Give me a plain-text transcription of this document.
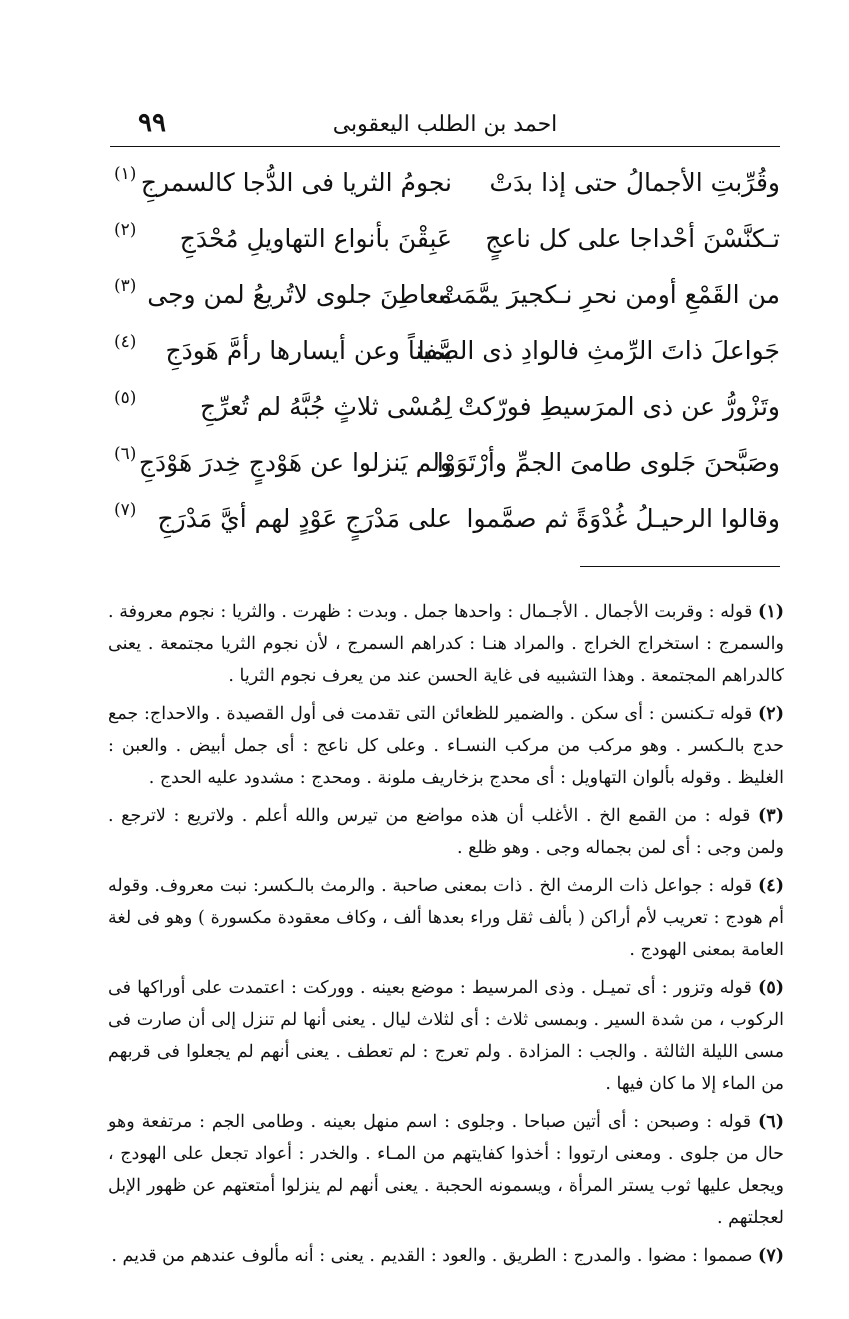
احمد بن الطلب اليعقوبى
٩٩
وقُرِّبتِ الأجمالُ حتى إذا بدَتْ
نجومُ الثريا فى الدُّجا كالسمرجِ
(١)
تـكنَّسْنَ أحْداجا على كل ناعجٍ
عَبِقْنَ بأنواع التهاويلِ مُحْدَجِ
(٢)
من القَمْعِ أومن نحرِ نـكجيرَ يمَّمَتْ
معاطِنَ جلوى لاتُريعُ لمن وجى
(٣)
جَواعلَ ذاتَ الرِّمثِ فالوادِ ذى الصَّفا
يميناً وعن أيسارها رأمَّ هَودَجِ
(٤)
وتَزْورُّ عن ذى المرَسيطِ فورّكتْ
لِمُسْى ثلاثٍ جُبَّهُ لم تُعرِّجِ
(٥)
وصَبَّحنَ جَلوى طامىَ الجمِّ وأرْتَوَوْا
ولم يَنزلوا عن هَوْدجٍ خِدرَ هَوْدَجِ
(٦)
وقالوا الرحيـلُ غُدْوَةً ثم صمَّموا
على مَدْرَجٍ عَوْدٍ لهم أيَّ مَدْرَجِ
(٧)

(١) قوله : وقربت الأجمال . الأجـمال : واحدها جمل . وبدت : ظهرت . والثريا : نجوم معروفة . والسمرج : استخراج الخراج . والمراد هنـا : كدراهم السمرج ، لأن نجوم الثريا مجتمعة . يعنى كالدراهم المجتمعة . وهذا التشبيه فى غاية الحسن عند من يعرف نجوم الثريا .

(٢) قوله تـكنسن : أى سكن . والضمير للظعائن التى تقدمت فى أول القصيدة . والاحداج: جمع حدج بالـكسر . وهو مركب من مركب النسـاء . وعلى كل ناعج : أى جمل أبيض . والعبن : الغليظ . وقوله بألوان التهاويل : أى محدج بزخاريف ملونة . ومحدج : مشدود عليه الحدج .

(٣) قوله : من القمع الخ . الأغلب أن هذه مواضع من تيرس والله أعلم . ولاتريع : لاترجع . ولمن وجى : أى لمن بجماله وجى . وهو ظلع .

(٤) قوله : جواعل ذات الرمث الخ . ذات بمعنى صاحبة . والرمث بالـكسر: نبت معروف. وقوله أم هودج : تعريب لأم أراكن ( بألف ثقل وراء بعدها ألف ، وكاف معقودة مكسورة ) وهو فى لغة العامة بمعنى الهودج .

(٥) قوله وتزور : أى تميـل . وذى المرسيط : موضع بعينه . وورکت : اعتمدت على أوراكها فى الركوب ، من شدة السير . وبمسى ثلاث : أى لثلاث ليال . يعنى أنها لم تنزل إلى أن صارت فى مسى الليلة الثالثة . والجب : المزادة . ولم تعرج : لم تعطف . يعنى أنهم لم يجعلوا فى قربهم من الماء إلا ما كان فيها .

(٦) قوله : وصبحن : أى أتين صباحا . وجلوى : اسم منهل بعينه . وطامى الجم : مرتفعة وهو حال من جلوى . ومعنى ارتووا : أخذوا كفايتهم من المـاء . والخدر : أعواد تجعل على الهودج ، ويجعل عليها ثوب يستر المرأة ، ويسمونه الحجبة . يعنى أنهم لم ينزلوا أمتعتهم عن ظهور الإبل لعجلتهم .

(٧) صمموا : مضوا . والمدرج : الطريق . والعود : القديم . يعنى : أنه مألوف عندهم من قديم .
